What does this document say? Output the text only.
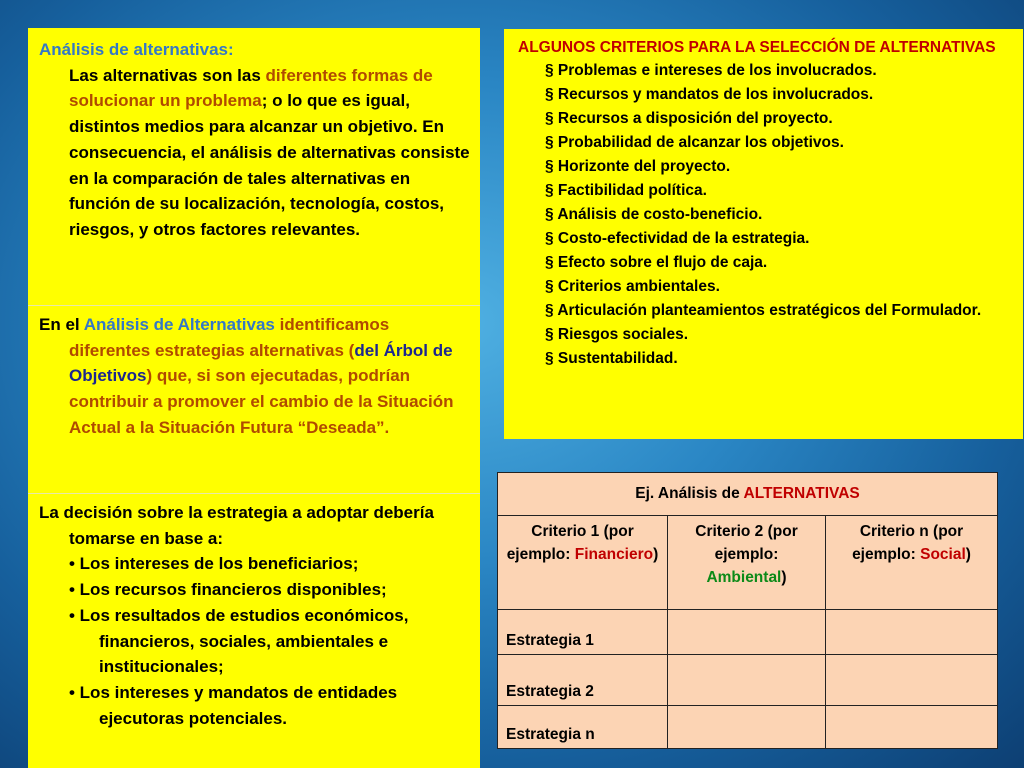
Análisis de alternativas:

Las alternativas son las diferentes formas de solucionar un problema; o lo que es igual, distintos medios para alcanzar un objetivo. En consecuencia, el análisis de alternativas consiste en la comparación de tales alternativas en función de su localización, tecnología, costos, riesgos, y otros factores relevantes.

En el Análisis de Alternativas identificamos diferentes estrategias alternativas (del Árbol de Objetivos) que, si son ejecutadas, podrían contribuir a promover el cambio de la Situación Actual a la Situación Futura “Deseada”.

La decisión sobre la estrategia a adoptar debería tomarse en base a:

• Los intereses de los beneficiarios;

• Los recursos financieros disponibles;

• Los resultados de estudios económicos, financieros, sociales, ambientales e institucionales;

• Los intereses y mandatos de entidades ejecutoras potenciales.

ALGUNOS CRITERIOS PARA LA SELECCIÓN DE ALTERNATIVAS
§ Problemas e intereses de los involucrados.
§ Recursos y mandatos de los involucrados.
§ Recursos a disposición del proyecto.
§ Probabilidad de alcanzar los objetivos.
§ Horizonte del proyecto.
§ Factibilidad política.
§ Análisis de costo-beneficio.
§ Costo-efectividad de la estrategia.
§ Efecto sobre el flujo de caja.
§ Criterios ambientales.
§ Articulación planteamientos estratégicos del Formulador.
§ Riesgos sociales.
§ Sustentabilidad.
Ej. Análisis de ALTERNATIVAS		
Criterio 1 (por ejemplo: Financiero)	Criterio 2 (por ejemplo: Ambiental)	Criterio n (por ejemplo: Social)
Estrategia 1		
Estrategia 2		
Estrategia n		
